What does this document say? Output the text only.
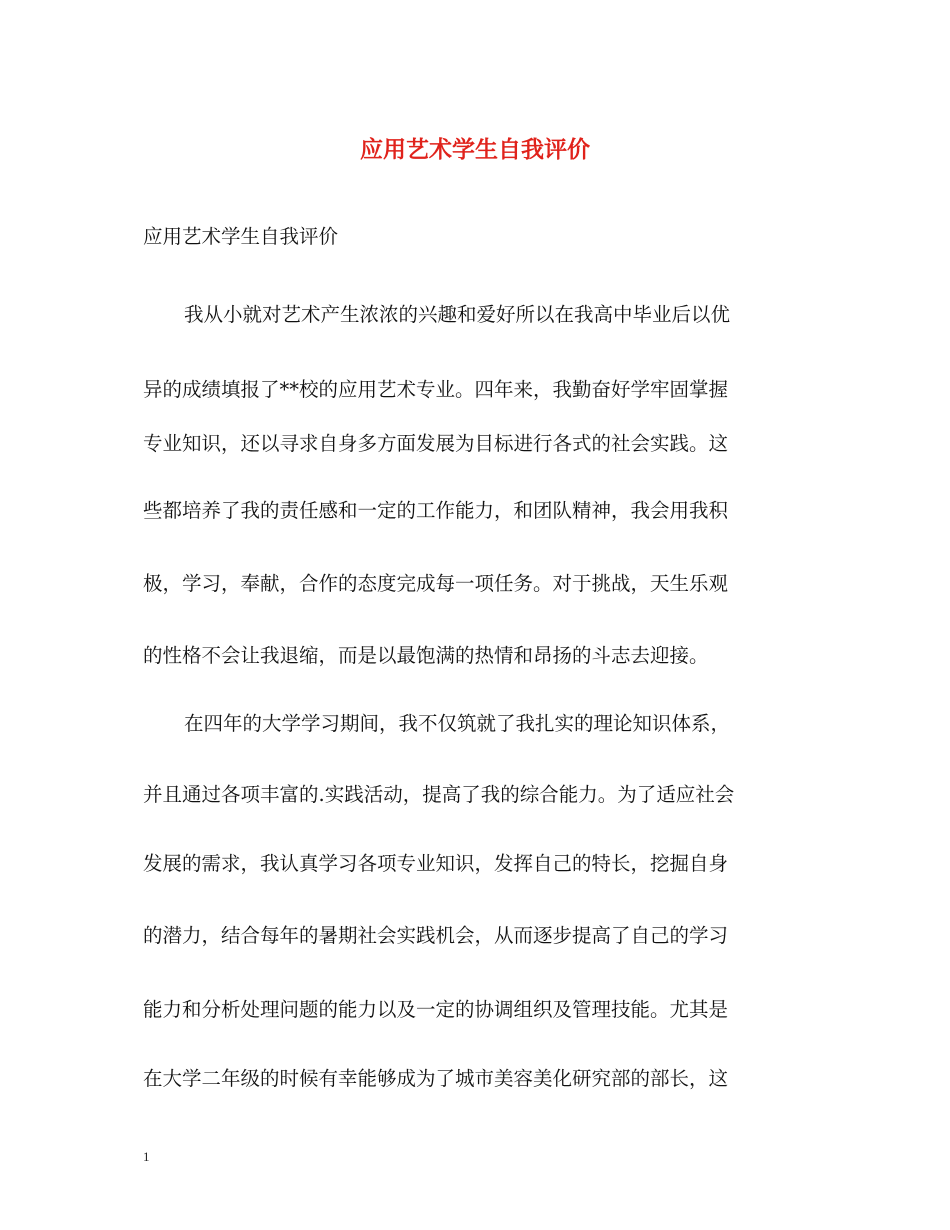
应用艺术学生自我评价

应用艺术学生自我评价

我从小就对艺术产生浓浓的兴趣和爱好所以在我高中毕业后以优

异的成绩填报了**校的应用艺术专业。四年来，我勤奋好学牢固掌握

专业知识，还以寻求自身多方面发展为目标进行各式的社会实践。这

些都培养了我的责任感和一定的工作能力，和团队精神，我会用我积

极，学习，奉献，合作的态度完成每一项任务。对于挑战，天生乐观

的性格不会让我退缩，而是以最饱满的热情和昂扬的斗志去迎接。

在四年的大学学习期间，我不仅筑就了我扎实的理论知识体系，

并且通过各项丰富的.实践活动，提高了我的综合能力。为了适应社会

发展的需求，我认真学习各项专业知识，发挥自己的特长，挖掘自身

的潜力，结合每年的暑期社会实践机会，从而逐步提高了自己的学习

能力和分析处理问题的能力以及一定的协调组织及管理技能。尤其是

在大学二年级的时候有幸能够成为了城市美容美化研究部的部长，这

1
